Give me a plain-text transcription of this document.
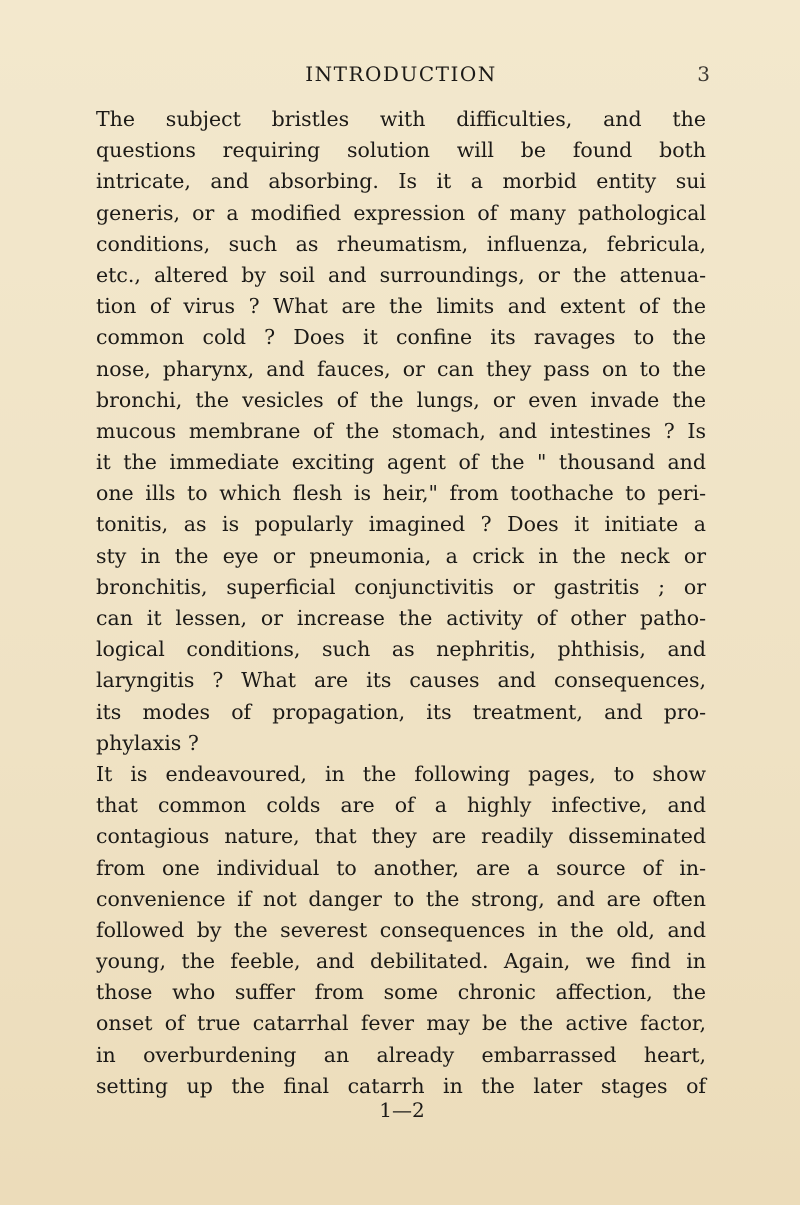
INTRODUCTION	3
The subject bristles with difficulties, and the
questions requiring solution will be found both
intricate, and absorbing. Is it a morbid entity sui
generis, or a modified expression of many pathological
conditions, such as rheumatism, influenza, febricula,
etc., altered by soil and surroundings, or the attenua-
tion of virus ? What are the limits and extent of the
common cold ? Does it confine its ravages to the
nose, pharynx, and fauces, or can they pass on to the
bronchi, the vesicles of the lungs, or even invade the
mucous membrane of the stomach, and intestines ? Is
it the immediate exciting agent of the " thousand and
one ills to which flesh is heir," from toothache to peri-
tonitis, as is popularly imagined ? Does it initiate a
sty in the eye or pneumonia, a crick in the neck or
bronchitis, superficial conjunctivitis or gastritis ; or
can it lessen, or increase the activity of other patho-
logical conditions, such as nephritis, phthisis, and
laryngitis ? What are its causes and consequences,
its modes of propagation, its treatment, and pro-
phylaxis ?
It is endeavoured, in the following pages, to show
that common colds are of a highly infective, and
contagious nature, that they are readily disseminated
from one individual to another, are a source of in-
convenience if not danger to the strong, and are often
followed by the severest consequences in the old, and
young, the feeble, and debilitated. Again, we find in
those who suffer from some chronic affection, the
onset of true catarrhal fever may be the active factor,
in overburdening an already embarrassed heart,
setting up the final catarrh in the later stages of
1—2
